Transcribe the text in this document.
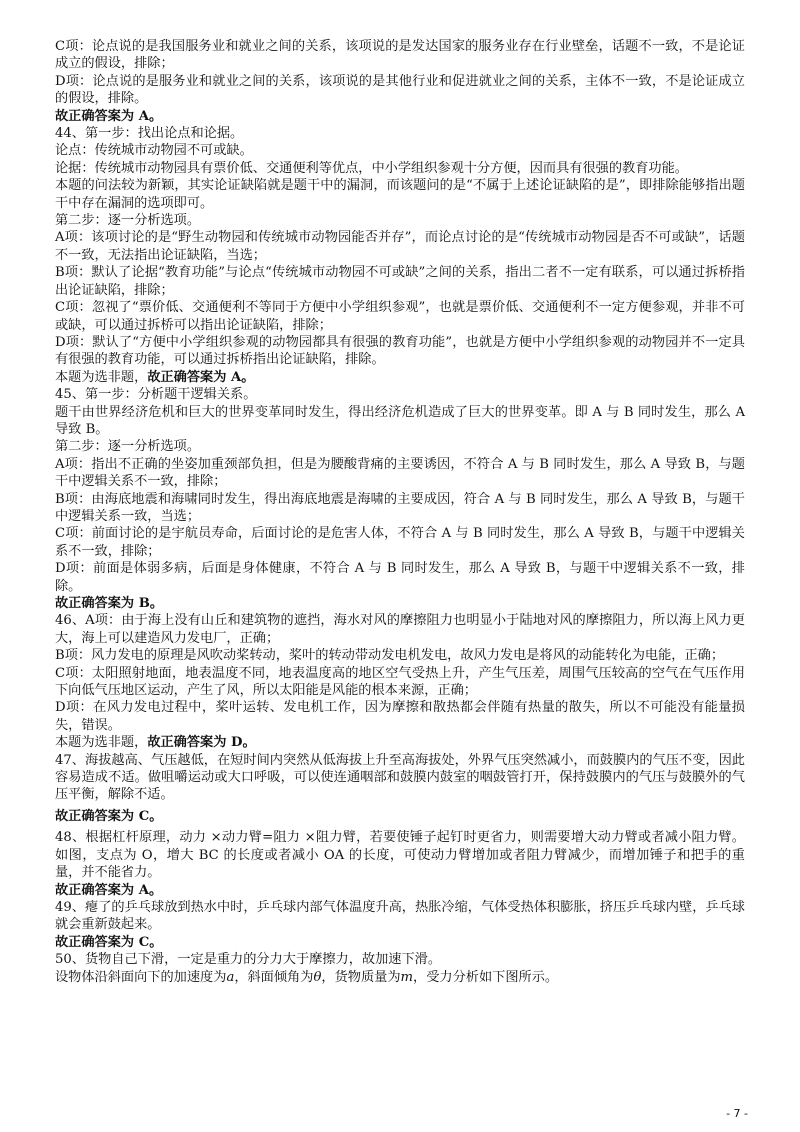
C项：论点说的是我国服务业和就业之间的关系，该项说的是发达国家的服务业存在行业壁垒，话题不一致，不是论证成立的假设，排除；

D项：论点说的是服务业和就业之间的关系，该项说的是其他行业和促进就业之间的关系，主体不一致，不是论证成立的假设，排除。

故正确答案为 A。

44、第一步：找出论点和论据。

论点：传统城市动物园不可或缺。

论据：传统城市动物园具有票价低、交通便利等优点，中小学组织参观十分方便，因而具有很强的教育功能。

本题的问法较为新颖，其实论证缺陷就是题干中的漏洞，而该题问的是“不属于上述论证缺陷的是”，即排除能够指出题干中存在漏洞的选项即可。

第二步：逐一分析选项。

A项：该项讨论的是“野生动物园和传统城市动物园能否并存”，而论点讨论的是“传统城市动物园是否不可或缺”，话题不一致，无法指出论证缺陷，当选；

B项：默认了论据“教育功能”与论点“传统城市动物园不可或缺”之间的关系，指出二者不一定有联系，可以通过拆桥指出论证缺陷，排除；

C项：忽视了“票价低、交通便利不等同于方便中小学组织参观”，也就是票价低、交通便利不一定方便参观，并非不可或缺，可以通过拆桥可以指出论证缺陷，排除；

D项：默认了“方便中小学组织参观的动物园都具有很强的教育功能”，也就是方便中小学组织参观的动物园并不一定具有很强的教育功能，可以通过拆桥指出论证缺陷，排除。

本题为选非题，故正确答案为 A。

45、第一步：分析题干逻辑关系。

题干由世界经济危机和巨大的世界变革同时发生，得出经济危机造成了巨大的世界变革。即 A 与 B 同时发生，那么 A 导致 B。

第二步：逐一分析选项。

A项：指出不正确的坐姿加重颈部负担，但是为腰酸背痛的主要诱因，不符合 A 与 B 同时发生，那么 A 导致 B，与题干中逻辑关系不一致，排除；

B项：由海底地震和海啸同时发生，得出海底地震是海啸的主要成因，符合 A 与 B 同时发生，那么 A 导致 B，与题干中逻辑关系一致，当选；

C项：前面讨论的是宇航员寿命，后面讨论的是危害人体，不符合 A 与 B 同时发生，那么 A 导致 B，与题干中逻辑关系不一致，排除；

D项：前面是体弱多病，后面是身体健康，不符合 A 与 B 同时发生，那么 A 导致 B，与题干中逻辑关系不一致，排除。

故正确答案为 B。

46、A项：由于海上没有山丘和建筑物的遮挡，海水对风的摩擦阻力也明显小于陆地对风的摩擦阻力，所以海上风力更大，海上可以建造风力发电厂，正确；

B项：风力发电的原理是风吹动桨转动，桨叶的转动带动发电机发电，故风力发电是将风的动能转化为电能，正确；

C项：太阳照射地面，地表温度不同，地表温度高的地区空气受热上升，产生气压差，周围气压较高的空气在气压作用下向低气压地区运动，产生了风，所以太阳能是风能的根本来源，正确；

D项：在风力发电过程中，桨叶运转、发电机工作，因为摩擦和散热都会伴随有热量的散失，所以不可能没有能量损失，错误。

本题为选非题，故正确答案为 D。

47、海拔越高、气压越低，在短时间内突然从低海拔上升至高海拔处，外界气压突然减小，而鼓膜内的气压不变，因此容易造成不适。做咀嚼运动或大口呼吸，可以使连通咽部和鼓膜内鼓室的咽鼓管打开，保持鼓膜内的气压与鼓膜外的气压平衡，解除不适。

故正确答案为 C。

48、根据杠杆原理，动力 ×动力臂=阻力 ×阻力臂，若要使锤子起钉时更省力，则需要增大动力臂或者减小阻力臂。如图，支点为 O，增大 BC 的长度或者减小 OA 的长度，可使动力臂增加或者阻力臂减少，而增加锤子和把手的重量，并不能省力。

故正确答案为 A。

49、瘪了的乒乓球放到热水中时，乒乓球内部气体温度升高，热胀冷缩，气体受热体积膨胀，挤压乒乓球内壁，乒乓球就会重新鼓起来。

故正确答案为 C。

50、货物自己下滑，一定是重力的分力大于摩擦力，故加速下滑。

设物体沿斜面向下的加速度为a，斜面倾角为θ，货物质量为m，受力分析如下图所示。

- 7 -
